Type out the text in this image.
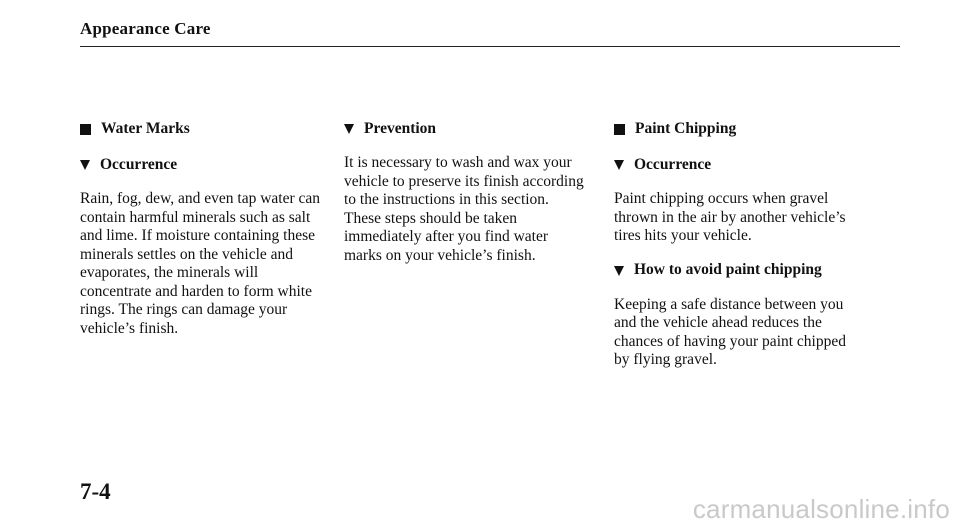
Appearance Care
Water Marks
Occurrence

Rain, fog, dew, and even tap water can
contain harmful minerals such as salt
and lime. If moisture containing these
minerals settles on the vehicle and
evaporates, the minerals will
concentrate and harden to form white
rings. The rings can damage your
vehicle’s finish.

Prevention

It is necessary to wash and wax your
vehicle to preserve its finish according
to the instructions in this section.
These steps should be taken
immediately after you find water
marks on your vehicle’s finish.

Paint Chipping
Occurrence

Paint chipping occurs when gravel
thrown in the air by another vehicle’s
tires hits your vehicle.

How to avoid paint chipping

Keeping a safe distance between you
and the vehicle ahead reduces the
chances of having your paint chipped
by flying gravel.

7-4
carmanualsonline.info
